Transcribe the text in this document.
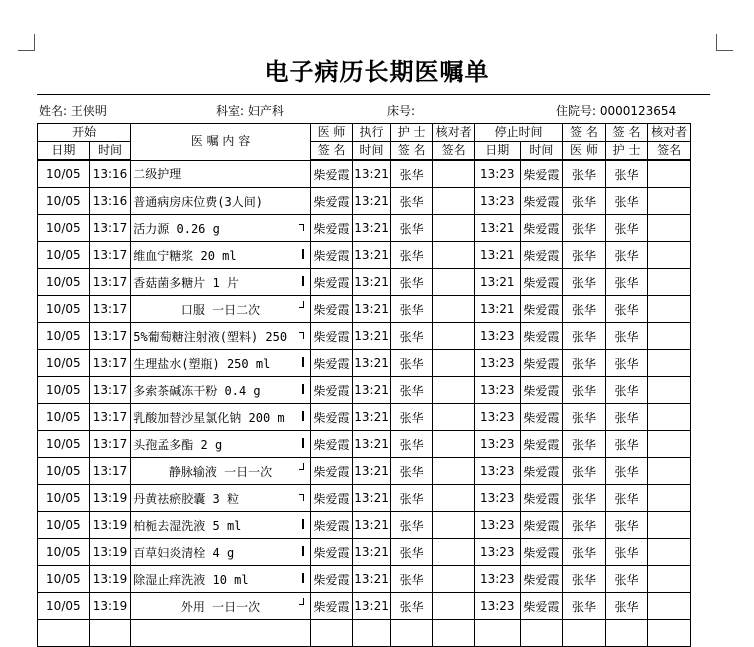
电子病历长期医嘱单
姓名: 王侠明	科室: 妇产科	床号:	住院号: 0000123654
开始		医 嘱 内 容	医 师	执行	护 士	核对者	停止时间		签 名	签 名	核对者
日期	时间		签 名	时间	签 名	签名	日期	时间	医 师	护 士	签名
10/05	13:16	二级护理	柴爱霞	13:21	张华		13:23	柴爱霞	张华	张华	
10/05	13:16	普通病房床位费(3人间)	柴爱霞	13:21	张华		13:23	柴爱霞	张华	张华	
10/05	13:17	活力源 0.26 g	柴爱霞	13:21	张华		13:21	柴爱霞	张华	张华	
10/05	13:17	维血宁糖浆 20 ml	柴爱霞	13:21	张华		13:21	柴爱霞	张华	张华	
10/05	13:17	香菇菌多糖片 1 片	柴爱霞	13:21	张华		13:21	柴爱霞	张华	张华	
10/05	13:17	口服 一日二次	柴爱霞	13:21	张华		13:21	柴爱霞	张华	张华	
10/05	13:17	5%葡萄糖注射液(塑料) 250	柴爱霞	13:21	张华		13:23	柴爱霞	张华	张华	
10/05	13:17	生理盐水(塑瓶) 250 ml	柴爱霞	13:21	张华		13:23	柴爱霞	张华	张华	
10/05	13:17	多索茶碱冻干粉 0.4 g	柴爱霞	13:21	张华		13:23	柴爱霞	张华	张华	
10/05	13:17	乳酸加替沙星氯化钠 200 m	柴爱霞	13:21	张华		13:23	柴爱霞	张华	张华	
10/05	13:17	头孢孟多酯 2 g	柴爱霞	13:21	张华		13:23	柴爱霞	张华	张华	
10/05	13:17	静脉输液 一日一次	柴爱霞	13:21	张华		13:23	柴爱霞	张华	张华	
10/05	13:19	丹黄祛瘀胶囊 3 粒	柴爱霞	13:21	张华		13:23	柴爱霞	张华	张华	
10/05	13:19	柏栀去湿洗液 5 ml	柴爱霞	13:21	张华		13:23	柴爱霞	张华	张华	
10/05	13:19	百草妇炎清栓 4 g	柴爱霞	13:21	张华		13:23	柴爱霞	张华	张华	
10/05	13:19	除湿止痒洗液 10 ml	柴爱霞	13:21	张华		13:23	柴爱霞	张华	张华	
10/05	13:19	外用 一日一次	柴爱霞	13:21	张华		13:23	柴爱霞	张华	张华	
